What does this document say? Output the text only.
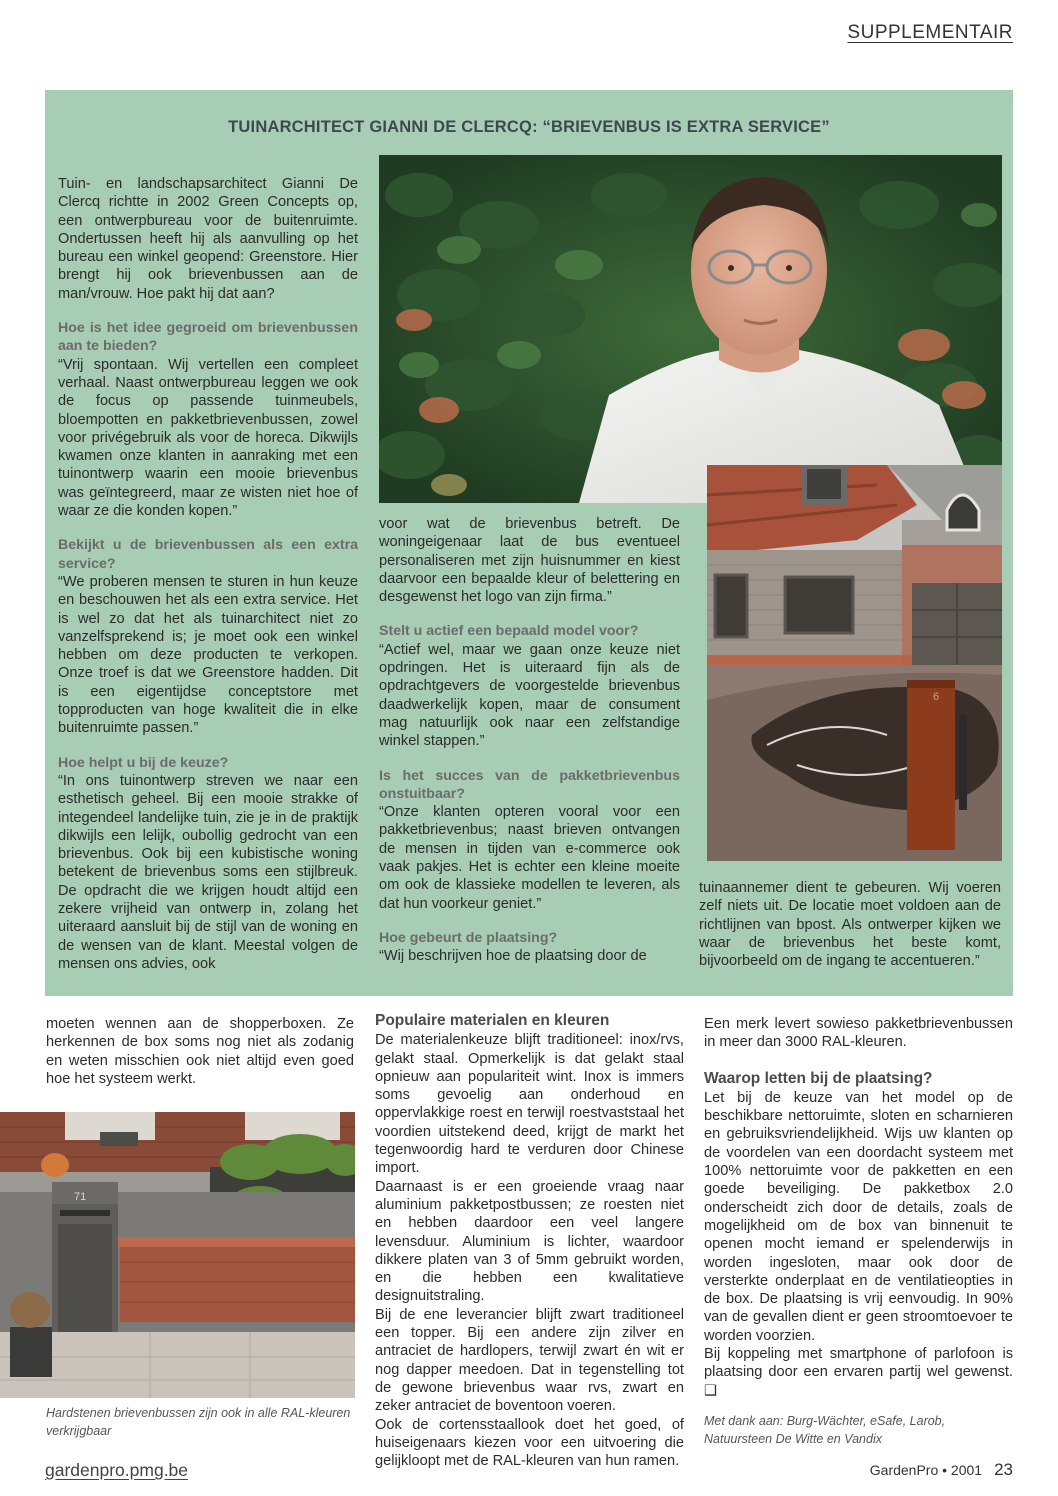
SUPPLEMENTAIR
TUINARCHITECT GIANNI DE CLERCQ: “BRIEVENBUS IS EXTRA SERVICE”

Tuin- en landschapsarchitect Gianni De Clercq richtte in 2002 Green Concepts op, een ontwerpbureau voor de buitenruimte. Ondertussen heeft hij als aanvulling op het bureau een winkel geopend: Greenstore. Hier brengt hij ook brievenbussen aan de man/vrouw. Hoe pakt hij dat aan?

Hoe is het idee gegroeid om brievenbussen aan te bieden?

“Vrij spontaan. Wij vertellen een compleet verhaal. Naast ontwerpbureau leggen we ook de focus op passende tuinmeubels, bloempotten en pakketbrievenbussen, zowel voor privégebruik als voor de horeca. Dikwijls kwamen onze klanten in aanraking met een tuinontwerp waarin een mooie brievenbus was geïntegreerd, maar ze wisten niet hoe of waar ze die konden kopen.”

Bekijkt u de brievenbussen als een extra service?

“We proberen mensen te sturen in hun keuze en beschouwen het als een extra service. Het is wel zo dat het als tuinarchitect niet zo vanzelfsprekend is; je moet ook een winkel hebben om deze producten te verkopen. Onze troef is dat we Greenstore hadden. Dit is een eigentijdse conceptstore met topproducten van hoge kwaliteit die in elke buitenruimte passen.”

Hoe helpt u bij de keuze?

“In ons tuinontwerp streven we naar een esthetisch geheel. Bij een mooie strakke of integendeel landelijke tuin, zie je in de praktijk dikwijls een lelijk, oubollig gedrocht van een brievenbus. Ook bij een kubistische woning betekent de brievenbus soms een stijlbreuk. De opdracht die we krijgen houdt altijd een zekere vrijheid van ontwerp in, zolang het uiteraard aansluit bij de stijl van de woning en de wensen van de klant. Meestal volgen de mensen ons advies, ook

voor wat de brievenbus betreft. De woningeigenaar laat de bus eventueel personaliseren met zijn huisnummer en kiest daarvoor een bepaalde kleur of belettering en desgewenst het logo van zijn firma.”

Stelt u actief een bepaald model voor?

“Actief wel, maar we gaan onze keuze niet opdringen. Het is uiteraard fijn als de opdrachtgevers de voorgestelde brievenbus daadwerkelijk kopen, maar de consument mag natuurlijk ook naar een zelfstandige winkel stappen.”

Is het succes van de pakketbrievenbus onstuitbaar?

“Onze klanten opteren vooral voor een pakketbrievenbus; naast brieven ontvangen de mensen in tijden van e-commerce ook vaak pakjes. Het is echter een kleine moeite om ook de klassieke modellen te leveren, als dat hun voorkeur geniet.”

Hoe gebeurt de plaatsing?

“Wij beschrijven hoe de plaatsing door de

tuinaannemer dient te gebeuren. Wij voeren zelf niets uit. De locatie moet voldoen aan de richtlijnen van bpost. Als ontwerper kijken we waar de brievenbus het beste komt, bijvoorbeeld om de ingang te accentueren.”

6

moeten wennen aan de shopperboxen. Ze herkennen de box soms nog niet als zodanig en weten misschien ook niet altijd even goed hoe het systeem werkt.

71
Hardstenen brievenbussen zijn ook in alle RAL-kleuren verkrijgbaar
Populaire materialen en kleuren

De materialenkeuze blijft traditioneel: inox/rvs, gelakt staal. Opmerkelijk is dat gelakt staal opnieuw aan populariteit wint. Inox is immers soms gevoelig aan onderhoud en oppervlakkige roest en terwijl roestvaststaal het voordien uitstekend deed, krijgt de markt het tegenwoordig hard te verduren door Chinese import.

Daarnaast is er een groeiende vraag naar aluminium pakketpostbussen; ze roesten niet en hebben daardoor een veel langere levensduur. Aluminium is lichter, waardoor dikkere platen van 3 of 5mm gebruikt worden, en die hebben een kwalitatieve designuitstraling.

Bij de ene leverancier blijft zwart traditioneel een topper. Bij een andere zijn zilver en antraciet de hardlopers, terwijl zwart én wit er nog dapper meedoen. Dat in tegenstelling tot de gewone brievenbus waar rvs, zwart en zeker antraciet de boventoon voeren.

Ook de cortensstaallook doet het goed, of huiseigenaars kiezen voor een uitvoering die gelijkloopt met de RAL-kleuren van hun ramen.

Een merk levert sowieso pakketbrievenbussen in meer dan 3000 RAL-kleuren.

Waarop letten bij de plaatsing?

Let bij de keuze van het model op de beschikbare nettoruimte, sloten en scharnieren en gebruiksvriendelijkheid. Wijs uw klanten op de voordelen van een doordacht systeem met 100% nettoruimte voor de pakketten en een goede beveiliging. De pakketbox 2.0 onderscheidt zich door de details, zoals de mogelijkheid om de box van binnenuit te openen mocht iemand er spelenderwijs in worden ingesloten, maar ook door de versterkte onderplaat en de ventilatieopties in de box. De plaatsing is vrij eenvoudig. In 90% van de gevallen dient er geen stroomtoevoer te worden voorzien.

Bij koppeling met smartphone of parlofoon is plaatsing door een ervaren partij wel gewenst. ❑

Met dank aan: Burg-Wächter, eSafe, Larob, Natuursteen De Witte en Vandix

gardenpro.pmg.be	GardenPro • 2001 23
